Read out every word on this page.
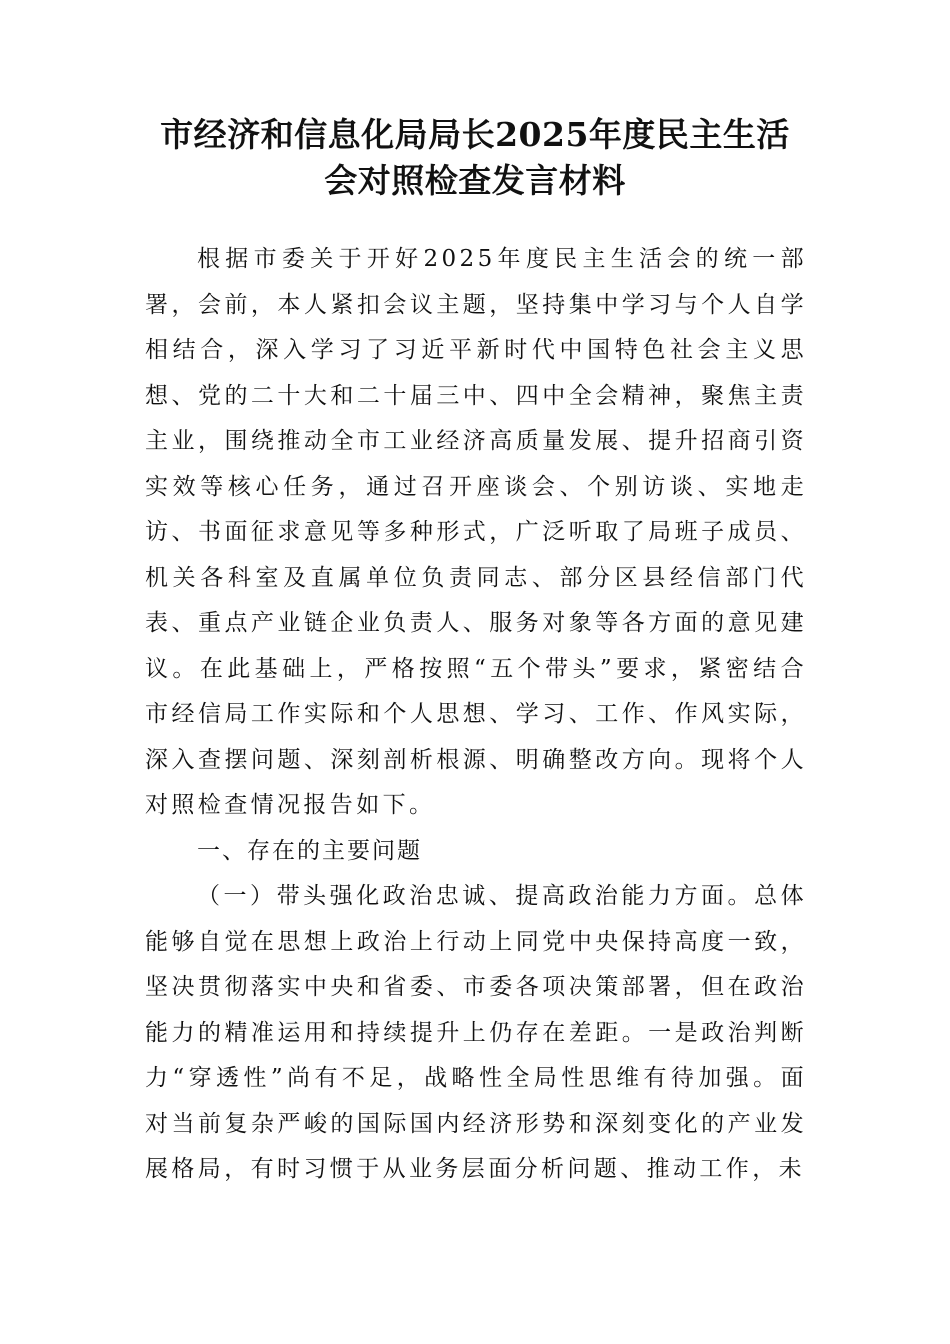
市经济和信息化局局长2025年度民主生活
会对照检查发言材料

根据市委关于开好2025年度民主生活会的统一部署，会前，本人紧扣会议主题，坚持集中学习与个人自学相结合，深入学习了习近平新时代中国特色社会主义思想、党的二十大和二十届三中、四中全会精神，聚焦主责主业，围绕推动全市工业经济高质量发展、提升招商引资实效等核心任务，通过召开座谈会、个别访谈、实地走访、书面征求意见等多种形式，广泛听取了局班子成员、机关各科室及直属单位负责同志、部分区县经信部门代表、重点产业链企业负责人、服务对象等各方面的意见建议。在此基础上，严格按照“五个带头”要求，紧密结合市经信局工作实际和个人思想、学习、工作、作风实际，深入查摆问题、深刻剖析根源、明确整改方向。现将个人对照检查情况报告如下。

一、存在的主要问题

（一）带头强化政治忠诚、提高政治能力方面。总体能够自觉在思想上政治上行动上同党中央保持高度一致，坚决贯彻落实中央和省委、市委各项决策部署，但在政治能力的精准运用和持续提升上仍存在差距。一是政治判断力“穿透性”尚有不足，战略性全局性思维有待加强。面对当前复杂严峻的国际国内经济形势和深刻变化的产业发展格局，有时习惯于从业务层面分析问题、推动工作，未
